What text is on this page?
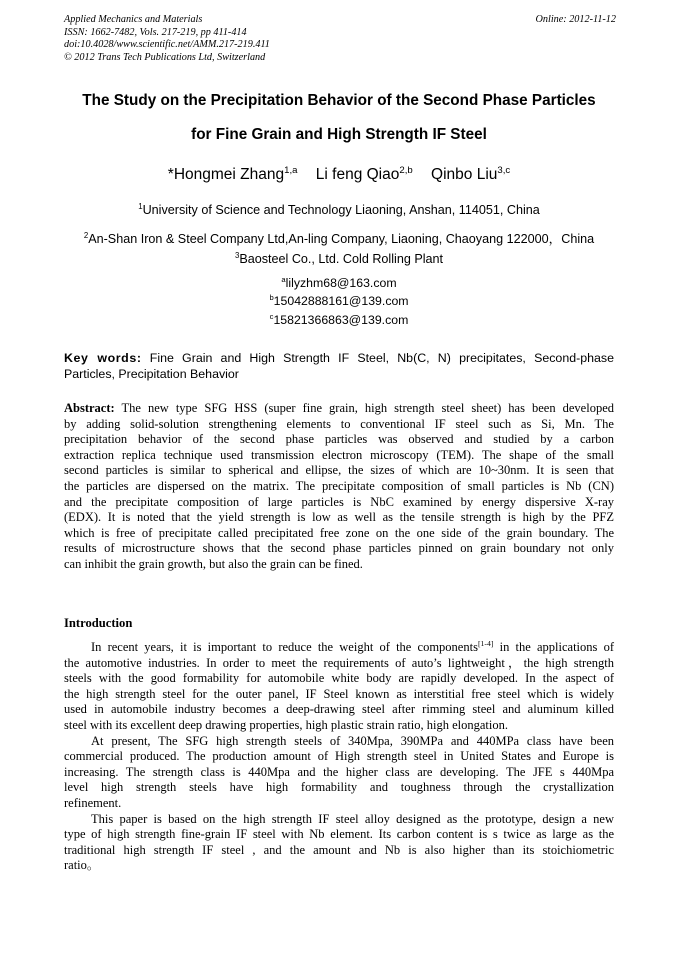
Applied Mechanics and Materials
ISSN: 1662-7482, Vols. 217-219, pp 411-414
doi:10.4028/www.scientific.net/AMM.217-219.411
© 2012 Trans Tech Publications Ltd, Switzerland
Online: 2012-11-12
The Study on the Precipitation Behavior of the Second Phase Particles
for Fine Grain and High Strength IF Steel
*Hongmei Zhang$^{1,a}$ Li feng Qiao$^{2,b}$ Qinbo Liu$^{3,c}$
$^1$University of Science and Technology Liaoning, Anshan, 114051, China
$^2$An-Shan Iron & Steel Company Ltd,An-ling Company, Liaoning, Chaoyang 122000，China
$^3$Baosteel Co., Ltd. Cold Rolling Plant
$^a$lilyzhm68@163.com
$^b$15042888161@139.com
$^c$15821366863@139.com
Key words: Fine Grain and High Strength IF Steel, Nb(C, N) precipitates, Second-phase
Particles, Precipitation Behavior
Abstract: The new type SFG HSS (super fine grain, high strength steel sheet) has been developed
by adding solid-solution strengthening elements to conventional IF steel such as Si, Mn. The
precipitation behavior of the second phase particles was observed and studied by a carbon
extraction replica technique used transmission electron microscopy (TEM). The shape of the small
second particles is similar to spherical and ellipse, the sizes of which are 10~30nm. It is seen that
the particles are dispersed on the matrix. The precipitate composition of small particles is Nb (CN)
and the precipitate composition of large particles is NbC examined by energy dispersive X-ray
(EDX). It is noted that the yield strength is low as well as the tensile strength is high by the PFZ
which is free of precipitate called precipitated free zone on the one side of the grain boundary. The
results of microstructure shows that the second phase particles pinned on grain boundary not only
can inhibit the grain growth, but also the grain can be fined.
Introduction
In recent years, it is important to reduce the weight of the components[1-4] in the applications of
the automotive industries. In order to meet the requirements of auto’s lightweight，the high strength
steels with the good formability for automobile white body are rapidly developed. In the aspect of
the high strength steel for the outer panel, IF Steel known as interstitial free steel which is widely
used in automobile industry becomes a deep-drawing steel after rimming steel and aluminum killed
steel with its excellent deep drawing properties, high plastic strain ratio, high elongation.
At present, The SFG high strength steels of 340Mpa, 390MPa and 440MPa class have been
commercial produced. The production amount of High strength steel in United States and Europe is
increasing. The strength class is 440Mpa and the higher class are developing. The JFE s 440Mpa
level high strength steels have high formability and toughness through the crystallization
refinement.
This paper is based on the high strength IF steel alloy designed as the prototype, design a new
type of high strength fine-grain IF steel with Nb element. Its carbon content is s twice as large as the
traditional high strength IF steel , and the amount and Nb is also higher than its stoichiometric
ratio。
